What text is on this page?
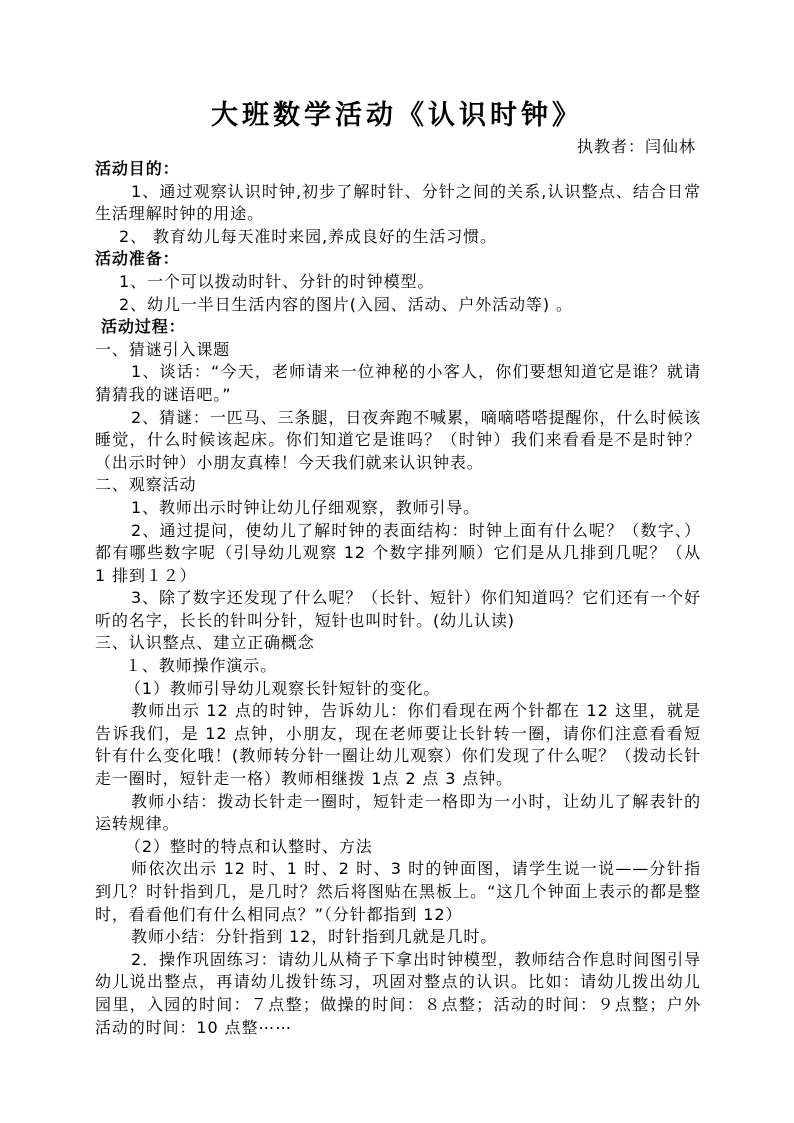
大班数学活动《认识时钟》
执教者：闫仙林

活动目的：

1、通过观察认识时钟,初步了解时针、分针之间的关系,认识整点、结合日常生活理解时钟的用途。

2、 教育幼儿每天准时来园,养成良好的生活习惯。

活动准备：

1、一个可以拨动时针、分针的时钟模型。

2、幼儿一半日生活内容的图片(入园、活动、户外活动等) 。

活动过程：

一、猜谜引入课题

1、谈话：“今天，老师请来一位神秘的小客人，你们要想知道它是谁？就请猜猜我的谜语吧。”

2、猜谜：一匹马、三条腿，日夜奔跑不喊累，嘀嘀嗒嗒提醒你，什么时候该睡觉，什么时候该起床。你们知道它是谁吗？（时钟）我们来看看是不是时钟？（出示时钟）小朋友真棒！今天我们就来认识钟表。

二、观察活动

1、教师出示时钟让幼儿仔细观察，教师引导。

2、通过提问，使幼儿了解时钟的表面结构：时钟上面有什么呢？（数字、）都有哪些数字呢（引导幼儿观察 12 个数字排列顺）它们是从几排到几呢？（从 1 排到１２）

3、除了数字还发现了什么呢？（长针、短针）你们知道吗？它们还有一个好听的名字，长长的针叫分针，短针也叫时针。(幼儿认读)

三、认识整点、建立正确概念

１、教师操作演示。

（1）教师引导幼儿观察长针短针的变化。

教师出示 12 点的时钟，告诉幼儿：你们看现在两个针都在 12 这里，就是告诉我们，是 12 点钟，小朋友，现在老师要让长针转一圈，请你们注意看看短针有什么变化哦！(教师转分针一圈让幼儿观察）你们发现了什么呢？（拨动长针走一圈时，短针走一格）教师相继拨 1点 2 点 3 点钟。

教师小结：拨动长针走一圈时，短针走一格即为一小时，让幼儿了解表针的运转规律。

（2）整时的特点和认整时、方法

师依次出示 12 时、1 时、2 时、3 时的钟面图，请学生说一说——分针指到几？时针指到几，是几时？然后将图贴在黑板上。“这几个钟面上表示的都是整时，看看他们有什么相同点？”（分针都指到 12）

教师小结：分针指到 12，时针指到几就是几时。

2．操作巩固练习：请幼儿从椅子下拿出时钟模型，教师结合作息时间图引导幼儿说出整点，再请幼儿拨针练习，巩固对整点的认识。比如：请幼儿拨出幼儿园里，入园的时间：７点整；做操的时间：８点整；活动的时间：９点整；户外活动的时间：10 点整⋯⋯
